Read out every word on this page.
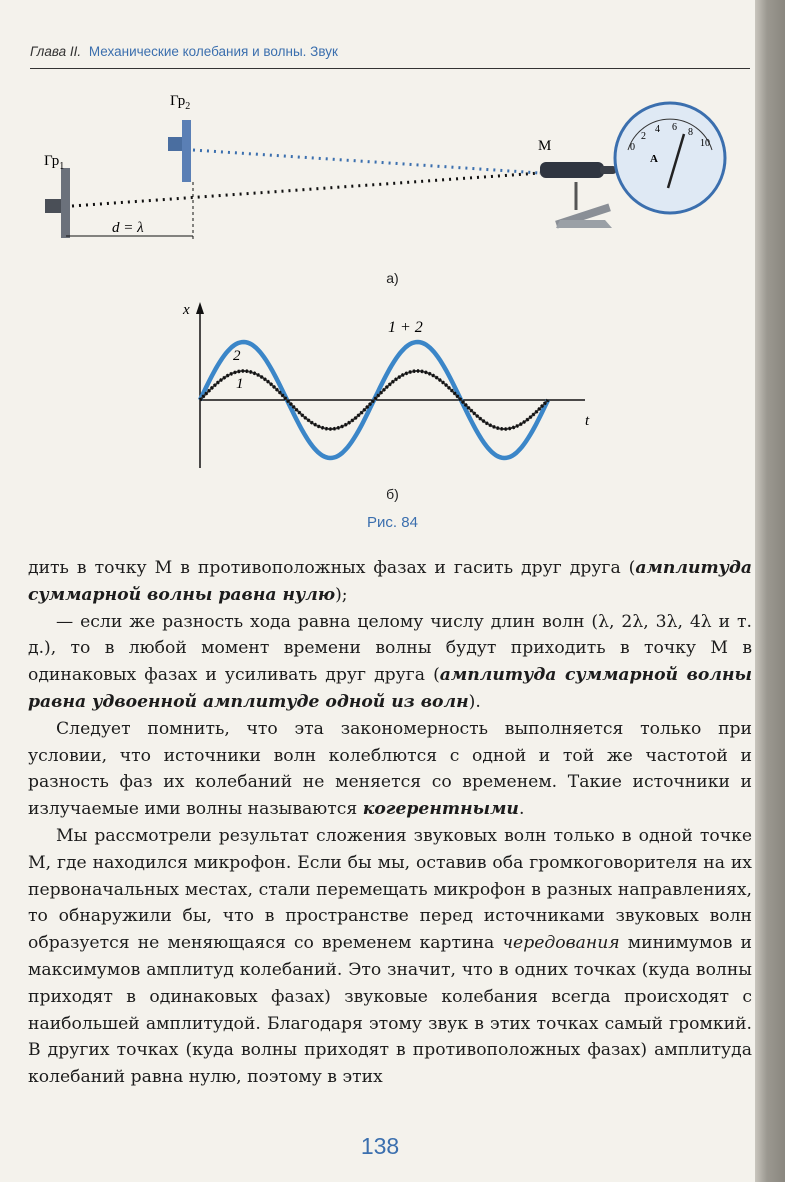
Глава II. Механические колебания и волны. Звук
$Гр_1$
$Гр_2$
d = λ
М	0
2
4 6 8
10
A
x
t
1 + 2
2
1
а)
б)
Рис. 84

дить в точку М в противоположных фазах и гасить друг друга (амплитуда суммарной волны равна нулю);

— если же разность хода равна целому числу длин волн (λ, 2λ, 3λ, 4λ и т. д.), то в любой момент времени волны будут приходить в точку М в одинаковых фазах и усиливать друг друга (амплитуда суммарной волны равна удвоенной амплитуде одной из волн).

Следует помнить, что эта закономерность выполняется только при условии, что источники волн колеблются с одной и той же частотой и разность фаз их колебаний не меняется со временем. Такие источники и излучаемые ими волны называются когерентными.

Мы рассмотрели результат сложения звуковых волн только в одной точке М, где находился микрофон. Если бы мы, оставив оба громкоговорителя на их первоначальных местах, стали перемещать микрофон в разных направлениях, то обнаружили бы, что в пространстве перед источниками звуковых волн образуется не меняющаяся со временем картина чередования минимумов и максимумов амплитуд колебаний. Это значит, что в одних точках (куда волны приходят в одинаковых фазах) звуковые колебания всегда происходят с наибольшей амплитудой. Благодаря этому звук в этих точках самый громкий. В других точках (куда волны приходят в противоположных фазах) амплитуда колебаний равна нулю, поэтому в этих

138
